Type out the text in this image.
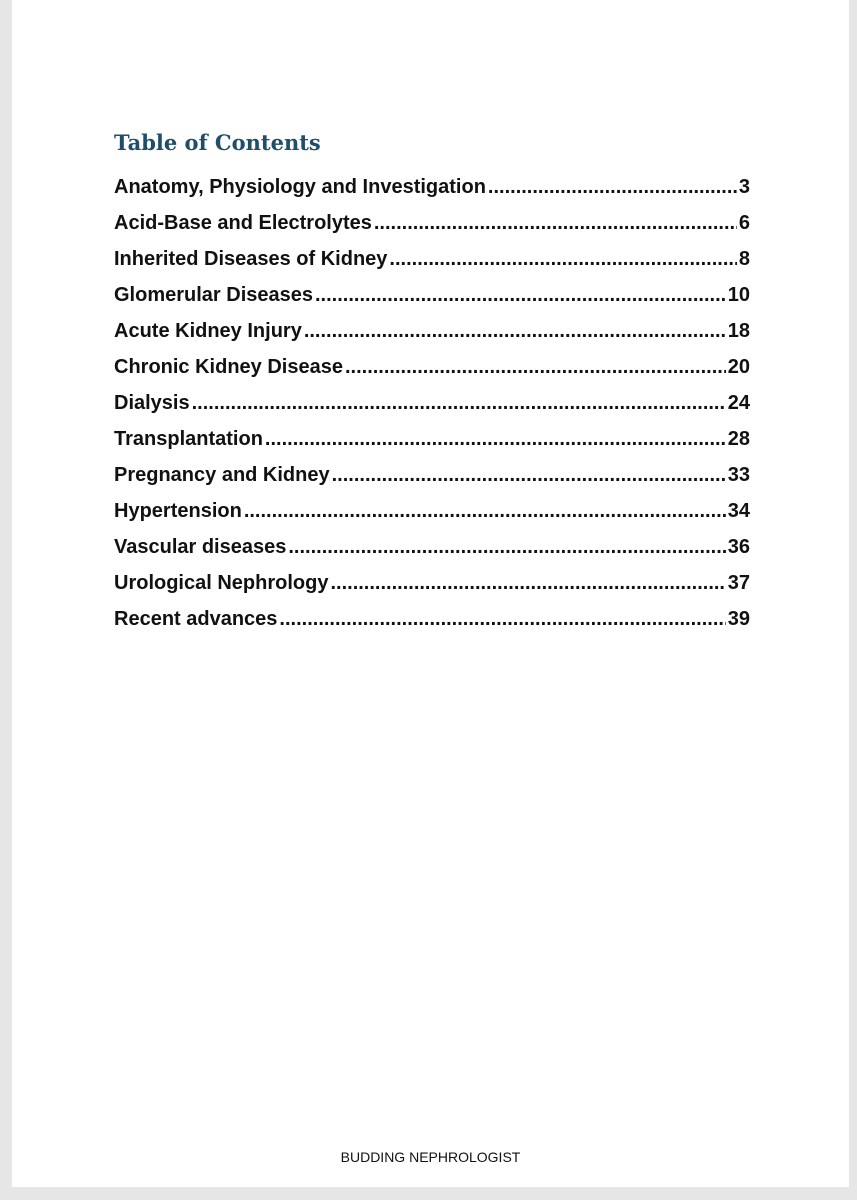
Table of Contents
Anatomy, Physiology and Investigation .....	3
Acid-Base and Electrolytes .....	6
Inherited Diseases of Kidney .....	8
Glomerular Diseases .....	10
Acute Kidney Injury .....	18
Chronic Kidney Disease .....	20
Dialysis .....	24
Transplantation .....	28
Pregnancy and Kidney .....	33
Hypertension .....	34
Vascular diseases .....	36
Urological Nephrology .....	37
Recent advances .....	39

BUDDING NEPHROLOGIST
